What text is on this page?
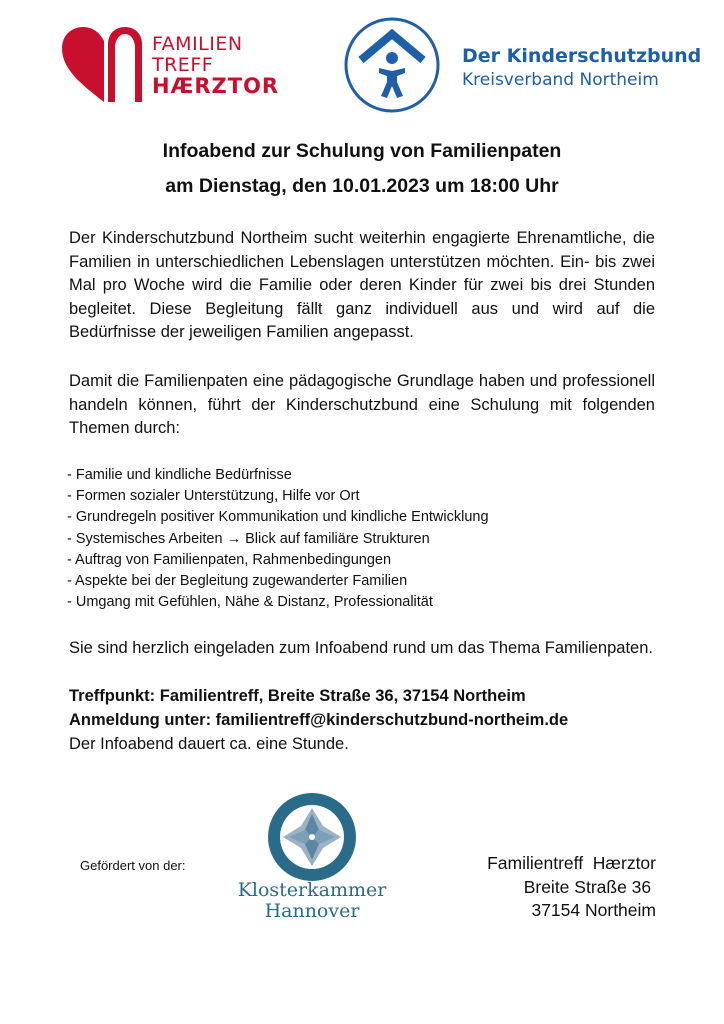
FAMILIEN
TREFF
HÆRZTOR
Der Kinderschutzbund
Kreisverband Northeim
Infoabend zur Schulung von Familienpaten
am Dienstag, den 10.01.2023 um 18:00 Uhr
Der Kinderschutzbund Northeim sucht weiterhin engagierte Ehrenamtliche, die Familien in unterschiedlichen Lebenslagen unterstützen möchten. Ein- bis zwei Mal pro Woche wird die Familie oder deren Kinder für zwei bis drei Stunden begleitet. Diese Begleitung fällt ganz individuell aus und wird auf die Bedürfnisse der jeweiligen Familien angepasst.
Damit die Familienpaten eine pädagogische Grundlage haben und professionell handeln können, führt der Kinderschutzbund eine Schulung mit folgenden Themen durch:
- Familie und kindliche Bedürfnisse
- Formen sozialer Unterstützung, Hilfe vor Ort
- Grundregeln positiver Kommunikation und kindliche Entwicklung
- Systemisches Arbeiten → Blick auf familiäre Strukturen
- Auftrag von Familienpaten, Rahmenbedingungen
- Aspekte bei der Begleitung zugewanderter Familien
- Umgang mit Gefühlen, Nähe & Distanz, Professionalität
Sie sind herzlich eingeladen zum Infoabend rund um das Thema Familienpaten.
Treffpunkt: Familientreff, Breite Straße 36, 37154 Northeim
Anmeldung unter: familientreff@kinderschutzbund-northeim.de
Der Infoabend dauert ca. eine Stunde.
Gefördert von der:
Klosterkammer
Hannover
Familientreff  Hærztor
Breite Straße 36
37154 Northeim
